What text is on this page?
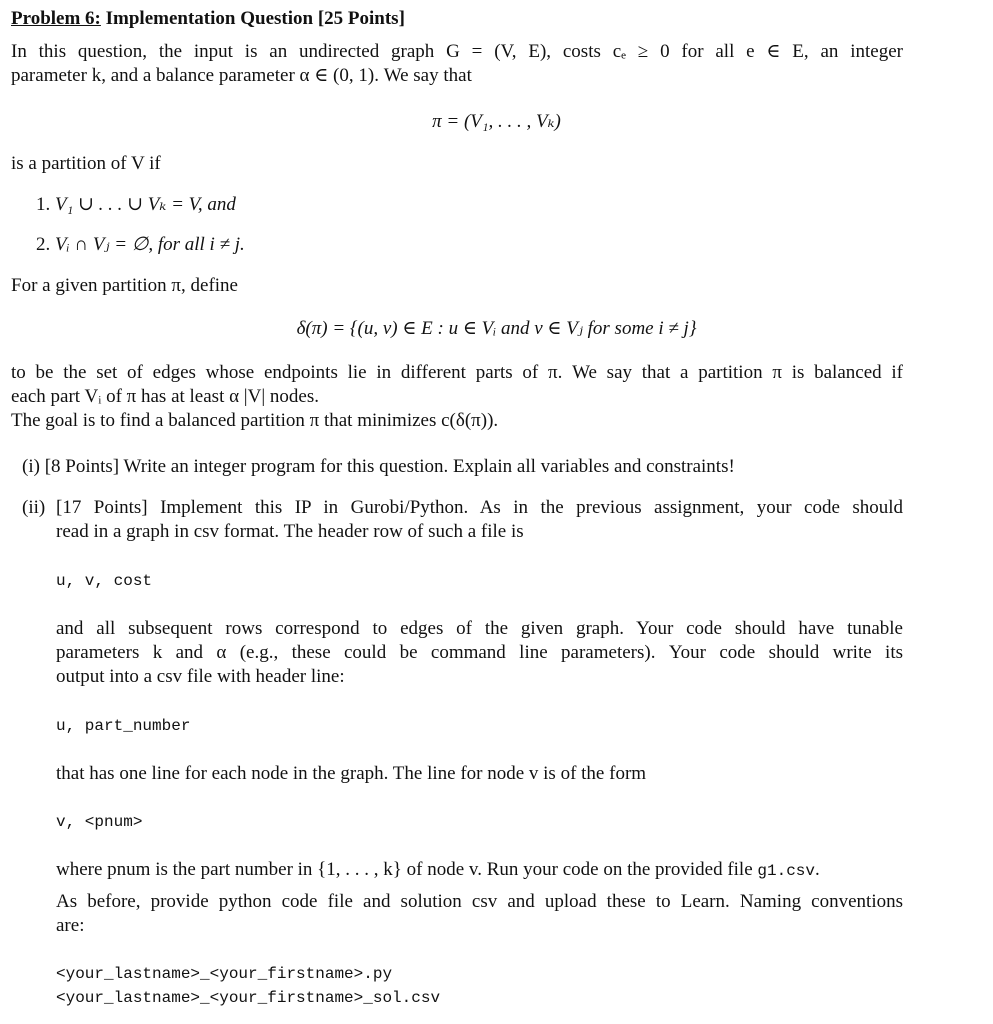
Problem 6: Implementation Question [25 Points]
In this question, the input is an undirected graph G = (V, E), costs cₑ ≥ 0 for all e ∈ E, an integer
parameter k, and a balance parameter α ∈ (0, 1). We say that
π = (V₁, . . . , Vₖ)
is a partition of V if
1. V₁ ∪ . . . ∪ Vₖ = V, and
2. Vᵢ ∩ Vⱼ = ∅, for all i ≠ j.
For a given partition π, define
δ(π) = {(u, v) ∈ E : u ∈ Vᵢ and v ∈ Vⱼ for some i ≠ j}
to be the set of edges whose endpoints lie in different parts of π. We say that a partition π is balanced if
each part Vᵢ of π has at least α |V| nodes.
The goal is to find a balanced partition π that minimizes c(δ(π)).
(i) [8 Points] Write an integer program for this question. Explain all variables and constraints!
(ii) [17 Points] Implement this IP in Gurobi/Python. As in the previous assignment, your code should
read in a graph in csv format. The header row of such a file is
u, v, cost
and all subsequent rows correspond to edges of the given graph. Your code should have tunable
parameters k and α (e.g., these could be command line parameters). Your code should write its
output into a csv file with header line:
u, part_number
that has one line for each node in the graph. The line for node v is of the form
v, <pnum>
where pnum is the part number in {1, . . . , k} of node v. Run your code on the provided file g1.csv.
As before, provide python code file and solution csv and upload these to Learn. Naming conventions
are:
<your_lastname>_<your_firstname>.py
<your_lastname>_<your_firstname>_sol.csv
